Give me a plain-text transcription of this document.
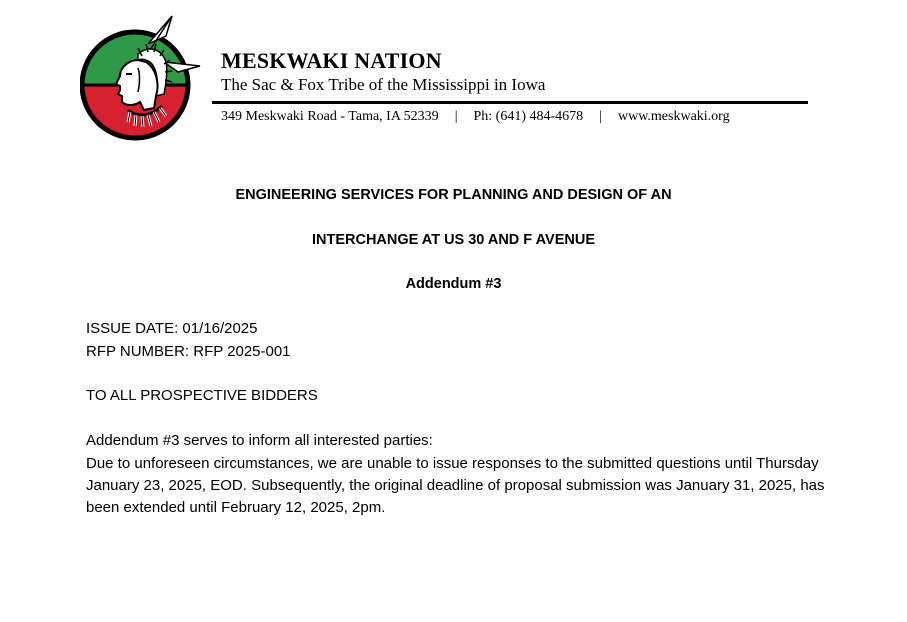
MESKWAKI NATION

The Sac & Fox Tribe of the Mississippi in Iowa

349 Meskwaki Road - Tama, IA 52339 | Ph: (641) 484-4678 | www.meskwaki.org
ENGINEERING SERVICES FOR PLANNING AND DESIGN OF AN
INTERCHANGE AT US 30 AND F AVENUE
Addendum #3
ISSUE DATE: 01/16/2025
RFP NUMBER: RFP 2025-001
TO ALL PROSPECTIVE BIDDERS
Addendum #3 serves to inform all interested parties:
Due to unforeseen circumstances, we are unable to issue responses to the submitted questions until Thursday January 23, 2025, EOD. Subsequently, the original deadline of proposal submission was January 31, 2025, has been extended until February 12, 2025, 2pm.
